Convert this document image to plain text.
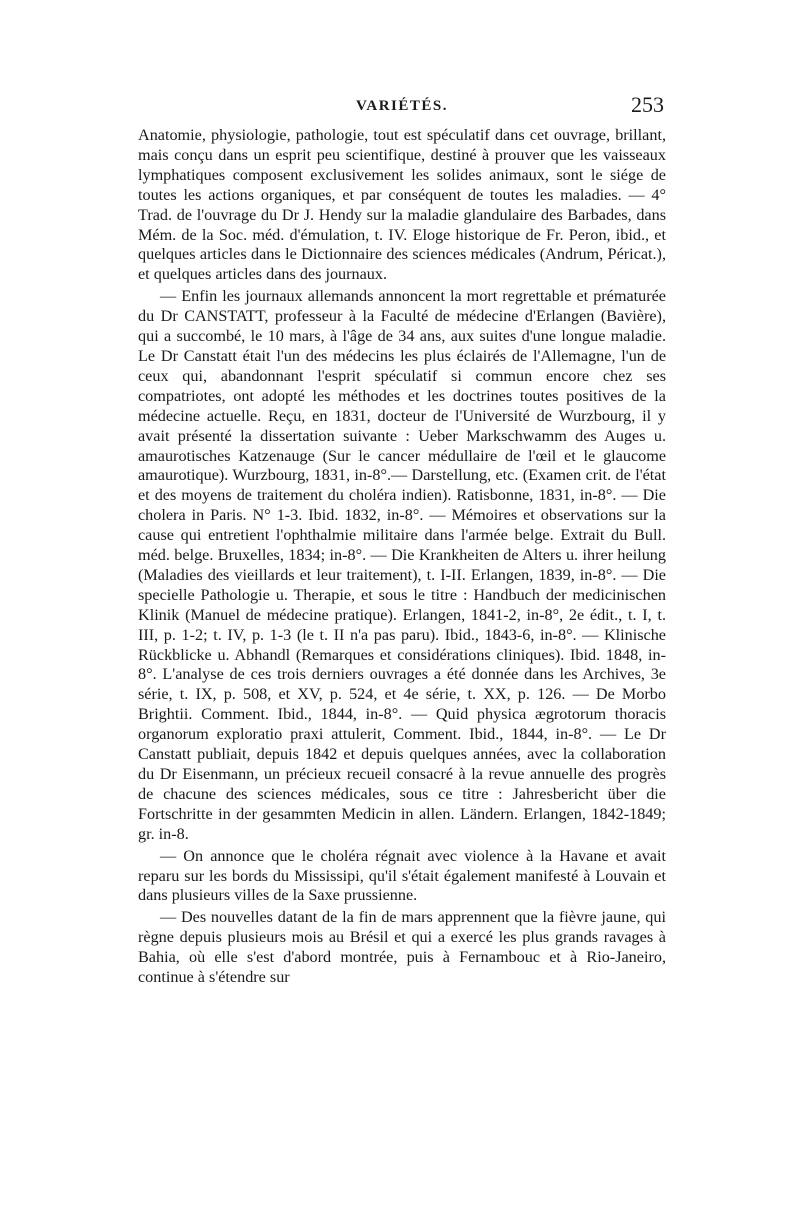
VARIÉTÉS.	253

Anatomie, physiologie, pathologie, tout est spéculatif dans cet ouvrage, brillant, mais conçu dans un esprit peu scientifique, destiné à prouver que les vaisseaux lymphatiques composent exclusivement les solides animaux, sont le siége de toutes les actions organiques, et par conséquent de toutes les maladies. — 4° Trad. de l'ouvrage du Dr J. Hendy sur la maladie glandulaire des Barbades, dans Mém. de la Soc. méd. d'émulation, t. IV. Eloge historique de Fr. Peron, ibid., et quelques articles dans le Dictionnaire des sciences médicales (Andrum, Péricat.), et quelques articles dans des journaux.

— Enfin les journaux allemands annoncent la mort regrettable et prématurée du Dr CANSTATT, professeur à la Faculté de médecine d'Erlangen (Bavière), qui a succombé, le 10 mars, à l'âge de 34 ans, aux suites d'une longue maladie. Le Dr Canstatt était l'un des médecins les plus éclairés de l'Allemagne, l'un de ceux qui, abandonnant l'esprit spéculatif si commun encore chez ses compatriotes, ont adopté les méthodes et les doctrines toutes positives de la médecine actuelle. Reçu, en 1831, docteur de l'Université de Wurzbourg, il y avait présenté la dissertation suivante : Ueber Markschwamm des Auges u. amaurotisches Katzenauge (Sur le cancer médullaire de l'œil et le glaucome amaurotique). Wurzbourg, 1831, in-8°.— Darstellung, etc. (Examen crit. de l'état et des moyens de traitement du choléra indien). Ratisbonne, 1831, in-8°. — Die cholera in Paris. N° 1-3. Ibid. 1832, in-8°. — Mémoires et observations sur la cause qui entretient l'ophthalmie militaire dans l'armée belge. Extrait du Bull. méd. belge. Bruxelles, 1834; in-8°. — Die Krankheiten de Alters u. ihrer heilung (Maladies des vieillards et leur traitement), t. I-II. Erlangen, 1839, in-8°. — Die specielle Pathologie u. Therapie, et sous le titre : Handbuch der medicinischen Klinik (Manuel de médecine pratique). Erlangen, 1841-2, in-8°, 2e édit., t. I, t. III, p. 1-2; t. IV, p. 1-3 (le t. II n'a pas paru). Ibid., 1843-6, in-8°. — Klinische Rückblicke u. Abhandl (Remarques et considérations cliniques). Ibid. 1848, in-8°. L'analyse de ces trois derniers ouvrages a été donnée dans les Archives, 3e série, t. IX, p. 508, et XV, p. 524, et 4e série, t. XX, p. 126. — De Morbo Brightii. Comment. Ibid., 1844, in-8°. — Quid physica ægrotorum thoracis organorum exploratio praxi attulerit, Comment. Ibid., 1844, in-8°. — Le Dr Canstatt publiait, depuis 1842 et depuis quelques années, avec la collaboration du Dr Eisenmann, un précieux recueil consacré à la revue annuelle des progrès de chacune des sciences médicales, sous ce titre : Jahresbericht über die Fortschritte in der gesammten Medicin in allen. Ländern. Erlangen, 1842-1849; gr. in-8.

— On annonce que le choléra régnait avec violence à la Havane et avait reparu sur les bords du Mississipi, qu'il s'était également manifesté à Louvain et dans plusieurs villes de la Saxe prussienne.

— Des nouvelles datant de la fin de mars apprennent que la fièvre jaune, qui règne depuis plusieurs mois au Brésil et qui a exercé les plus grands ravages à Bahia, où elle s'est d'abord montrée, puis à Fernambouc et à Rio-Janeiro, continue à s'étendre sur
